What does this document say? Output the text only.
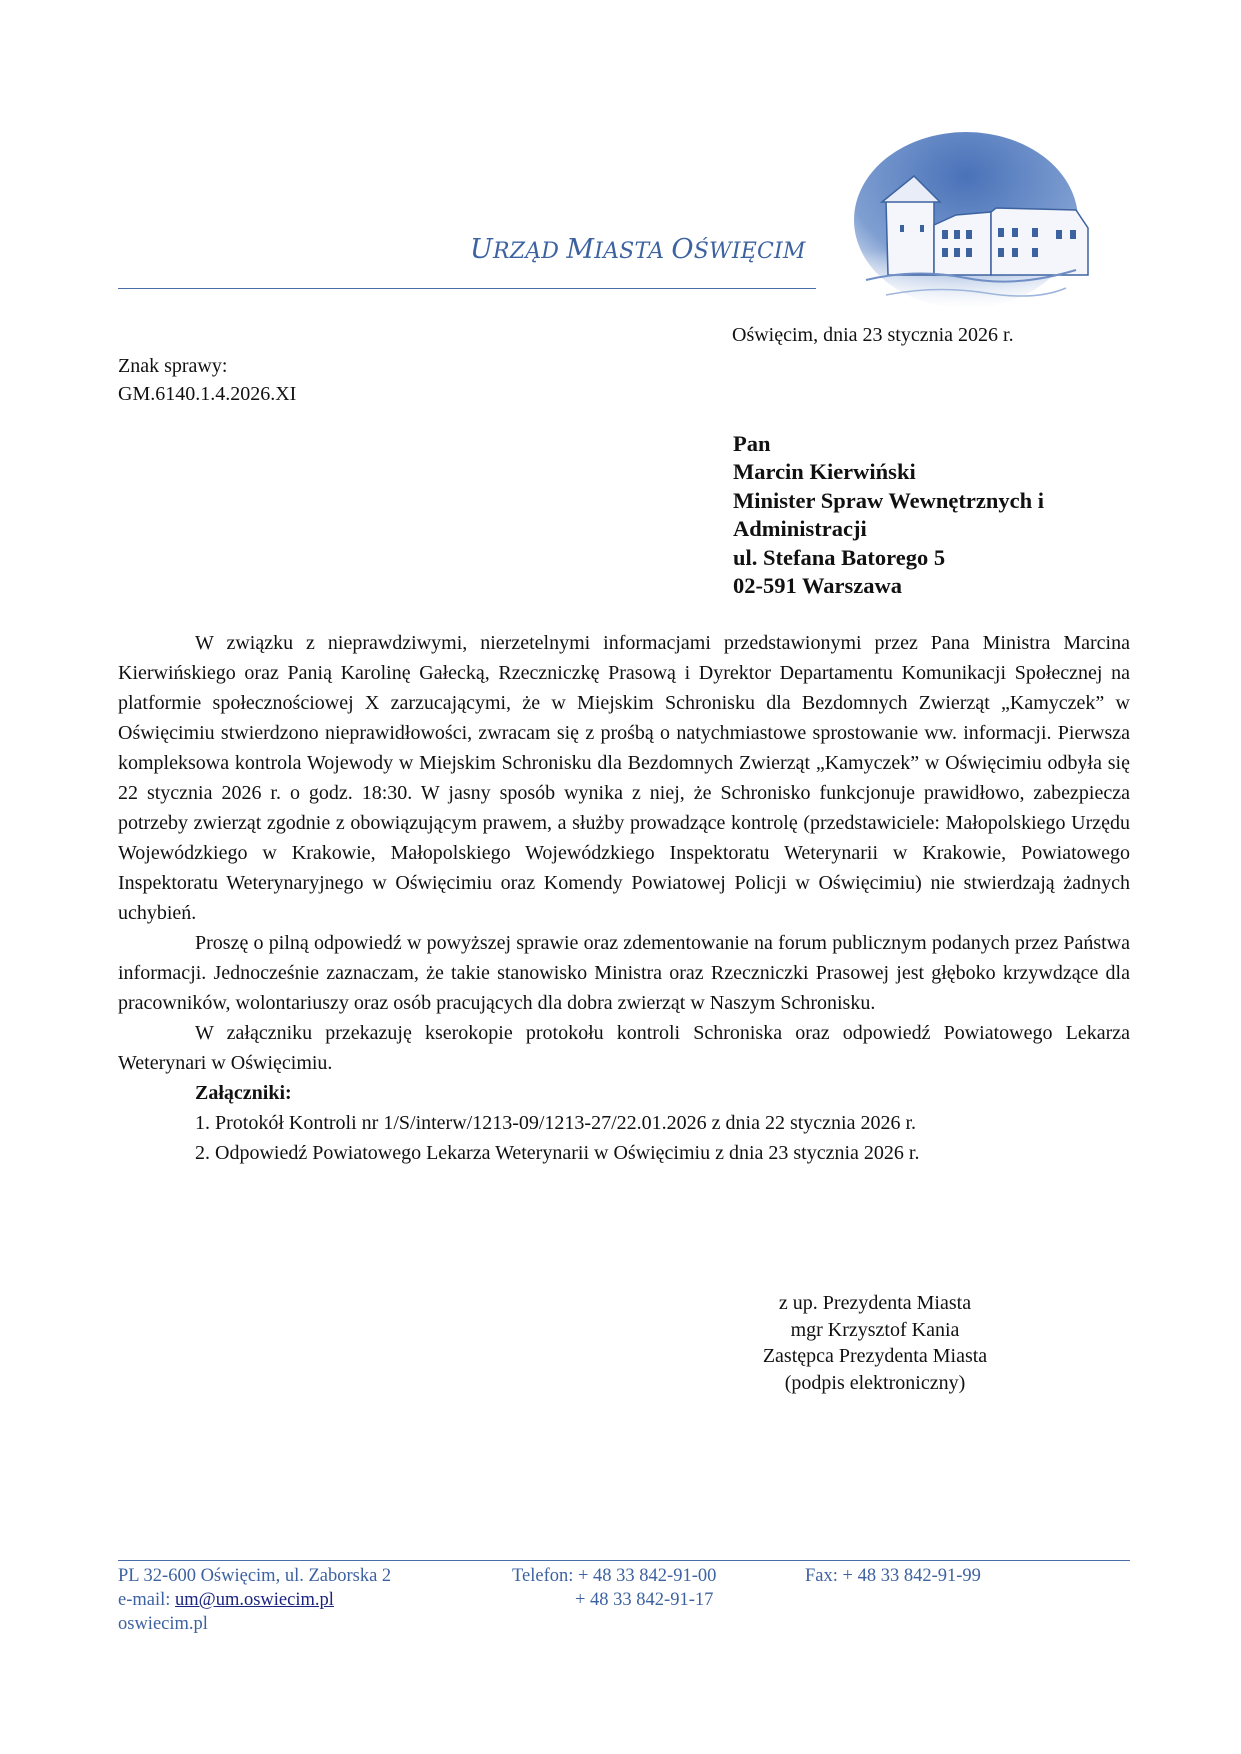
URZĄD MIASTA OŚWIĘCIM
Oświęcim, dnia 23 stycznia 2026 r.
Znak sprawy:
GM.6140.1.4.2026.XI
Pan
Marcin Kierwiński
Minister Spraw Wewnętrznych i
Administracji
ul. Stefana Batorego 5
02-591 Warszawa

W związku z nieprawdziwymi, nierzetelnymi informacjami przedstawionymi przez Pana Ministra Marcina Kierwińskiego oraz Panią Karolinę Gałecką, Rzeczniczkę Prasową i Dyrektor Departamentu Komunikacji Społecznej na platformie społecznościowej X zarzucającymi, że w Miejskim Schronisku dla Bezdomnych Zwierząt „Kamyczek” w Oświęcimiu stwierdzono nieprawidłowości, zwracam się z prośbą o natychmiastowe sprostowanie ww. informacji. Pierwsza kompleksowa kontrola Wojewody w Miejskim Schronisku dla Bezdomnych Zwierząt „Kamyczek” w Oświęcimiu odbyła się 22 stycznia 2026 r. o godz. 18:30. W jasny sposób wynika z niej, że Schronisko funkcjonuje prawidłowo, zabezpiecza potrzeby zwierząt zgodnie z obowiązującym prawem, a służby prowadzące kontrolę (przedstawiciele: Małopolskiego Urzędu Wojewódzkiego w Krakowie, Małopolskiego Wojewódzkiego Inspektoratu Weterynarii w Krakowie, Powiatowego Inspektoratu Weterynaryjnego w Oświęcimiu oraz Komendy Powiatowej Policji w Oświęcimiu) nie stwierdzają żadnych uchybień.

Proszę o pilną odpowiedź w powyższej sprawie oraz zdementowanie na forum publicznym podanych przez Państwa informacji. Jednocześnie zaznaczam, że takie stanowisko Ministra oraz Rzeczniczki Prasowej jest głęboko krzywdzące dla pracowników, wolontariuszy oraz osób pracujących dla dobra zwierząt w Naszym Schronisku.

W załączniku przekazuję kserokopie protokołu kontroli Schroniska oraz odpowiedź Powiatowego Lekarza Weterynari w Oświęcimiu.

Załączniki:

1. Protokół Kontroli nr 1/S/interw/1213-09/1213-27/22.01.2026 z dnia 22 stycznia 2026 r.

2. Odpowiedź Powiatowego Lekarza Weterynarii w Oświęcimiu z dnia 23 stycznia 2026 r.

z up. Prezydenta Miasta
mgr Krzysztof Kania
Zastępca Prezydenta Miasta
(podpis elektroniczny)
PL 32-600 Oświęcim, ul. Zaborska 2
e-mail: um@um.oswiecim.pl
oswiecim.pl
Telefon: + 48 33 842-91-00
+ 48 33 842-91-17
Fax: + 48 33 842-91-99
